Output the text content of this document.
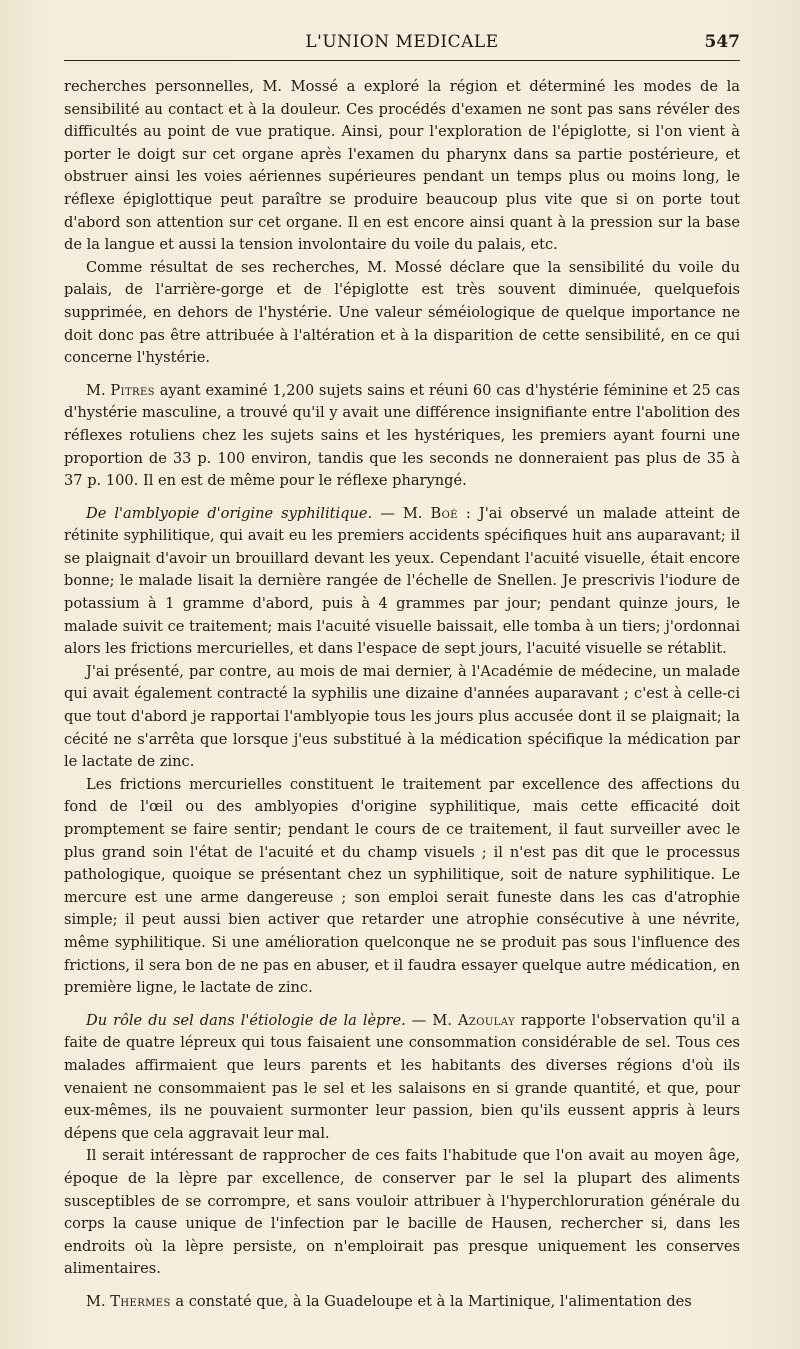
L'UNION MEDICALE	547

recherches personnelles, M. Mossé a exploré la région et déterminé les modes de la sensibilité au contact et à la douleur. Ces procédés d'examen ne sont pas sans révéler des difficultés au point de vue pratique. Ainsi, pour l'exploration de l'épiglotte, si l'on vient à porter le doigt sur cet organe après l'examen du pharynx dans sa partie postérieure, et obstruer ainsi les voies aériennes supérieures pendant un temps plus ou moins long, le réflexe épiglottique peut paraître se produire beaucoup plus vite que si on porte tout d'abord son attention sur cet organe. Il en est encore ainsi quant à la pression sur la base de la langue et aussi la tension involontaire du voile du palais, etc.

Comme résultat de ses recherches, M. Mossé déclare que la sensibilité du voile du palais, de l'arrière-gorge et de l'épiglotte est très souvent diminuée, quelquefois supprimée, en dehors de l'hystérie. Une valeur séméiologique de quelque importance ne doit donc pas être attribuée à l'altération et à la disparition de cette sensibilité, en ce qui concerne l'hystérie.

M. Pitres ayant examiné 1,200 sujets sains et réuni 60 cas d'hystérie féminine et 25 cas d'hystérie masculine, a trouvé qu'il y avait une différence insignifiante entre l'abolition des réflexes rotuliens chez les sujets sains et les hystériques, les premiers ayant fourni une proportion de 33 p. 100 environ, tandis que les seconds ne donneraient pas plus de 35 à 37 p. 100. Il en est de même pour le réflexe pharyngé.

De l'amblyopie d'origine syphilitique. — M. Boé : J'ai observé un malade atteint de rétinite syphilitique, qui avait eu les premiers accidents spécifiques huit ans auparavant; il se plaignait d'avoir un brouillard devant les yeux. Cependant l'acuité visuelle, était encore bonne; le malade lisait la dernière rangée de l'échelle de Snellen. Je prescrivis l'iodure de potassium à 1 gramme d'abord, puis à 4 grammes par jour; pendant quinze jours, le malade suivit ce traitement; mais l'acuité visuelle baissait, elle tomba à un tiers; j'ordonnai alors les frictions mercurielles, et dans l'espace de sept jours, l'acuité visuelle se rétablit.

J'ai présenté, par contre, au mois de mai dernier, à l'Académie de médecine, un malade qui avait également contracté la syphilis une dizaine d'années auparavant ; c'est à celle-ci que tout d'abord je rapportai l'amblyopie tous les jours plus accusée dont il se plaignait; la cécité ne s'arrêta que lorsque j'eus substitué à la médication spécifique la médication par le lactate de zinc.

Les frictions mercurielles constituent le traitement par excellence des affections du fond de l'œil ou des amblyopies d'origine syphilitique, mais cette efficacité doit promptement se faire sentir; pendant le cours de ce traitement, il faut surveiller avec le plus grand soin l'état de l'acuité et du champ visuels ; il n'est pas dit que le processus pathologique, quoique se présentant chez un syphilitique, soit de nature syphilitique. Le mercure est une arme dangereuse ; son emploi serait funeste dans les cas d'atrophie simple; il peut aussi bien activer que retarder une atrophie consécutive à une névrite, même syphilitique. Si une amélioration quelconque ne se produit pas sous l'influence des frictions, il sera bon de ne pas en abuser, et il faudra essayer quelque autre médication, en première ligne, le lactate de zinc.

Du rôle du sel dans l'étiologie de la lèpre. — M. Azoulay rapporte l'observation qu'il a faite de quatre lépreux qui tous faisaient une consommation considérable de sel. Tous ces malades affirmaient que leurs parents et les habitants des diverses régions d'où ils venaient ne consommaient pas le sel et les salaisons en si grande quantité, et que, pour eux-mêmes, ils ne pouvaient surmonter leur passion, bien qu'ils eussent appris à leurs dépens que cela aggravait leur mal.

Il serait intéressant de rapprocher de ces faits l'habitude que l'on avait au moyen âge, époque de la lèpre par excellence, de conserver par le sel la plupart des aliments susceptibles de se corrompre, et sans vouloir attribuer à l'hyperchloruration générale du corps la cause unique de l'infection par le bacille de Hausen, rechercher si, dans les endroits où la lèpre persiste, on n'emploirait pas presque uniquement les conserves alimentaires.

M. Thermes a constaté que, à la Guadeloupe et à la Martinique, l'alimentation des
